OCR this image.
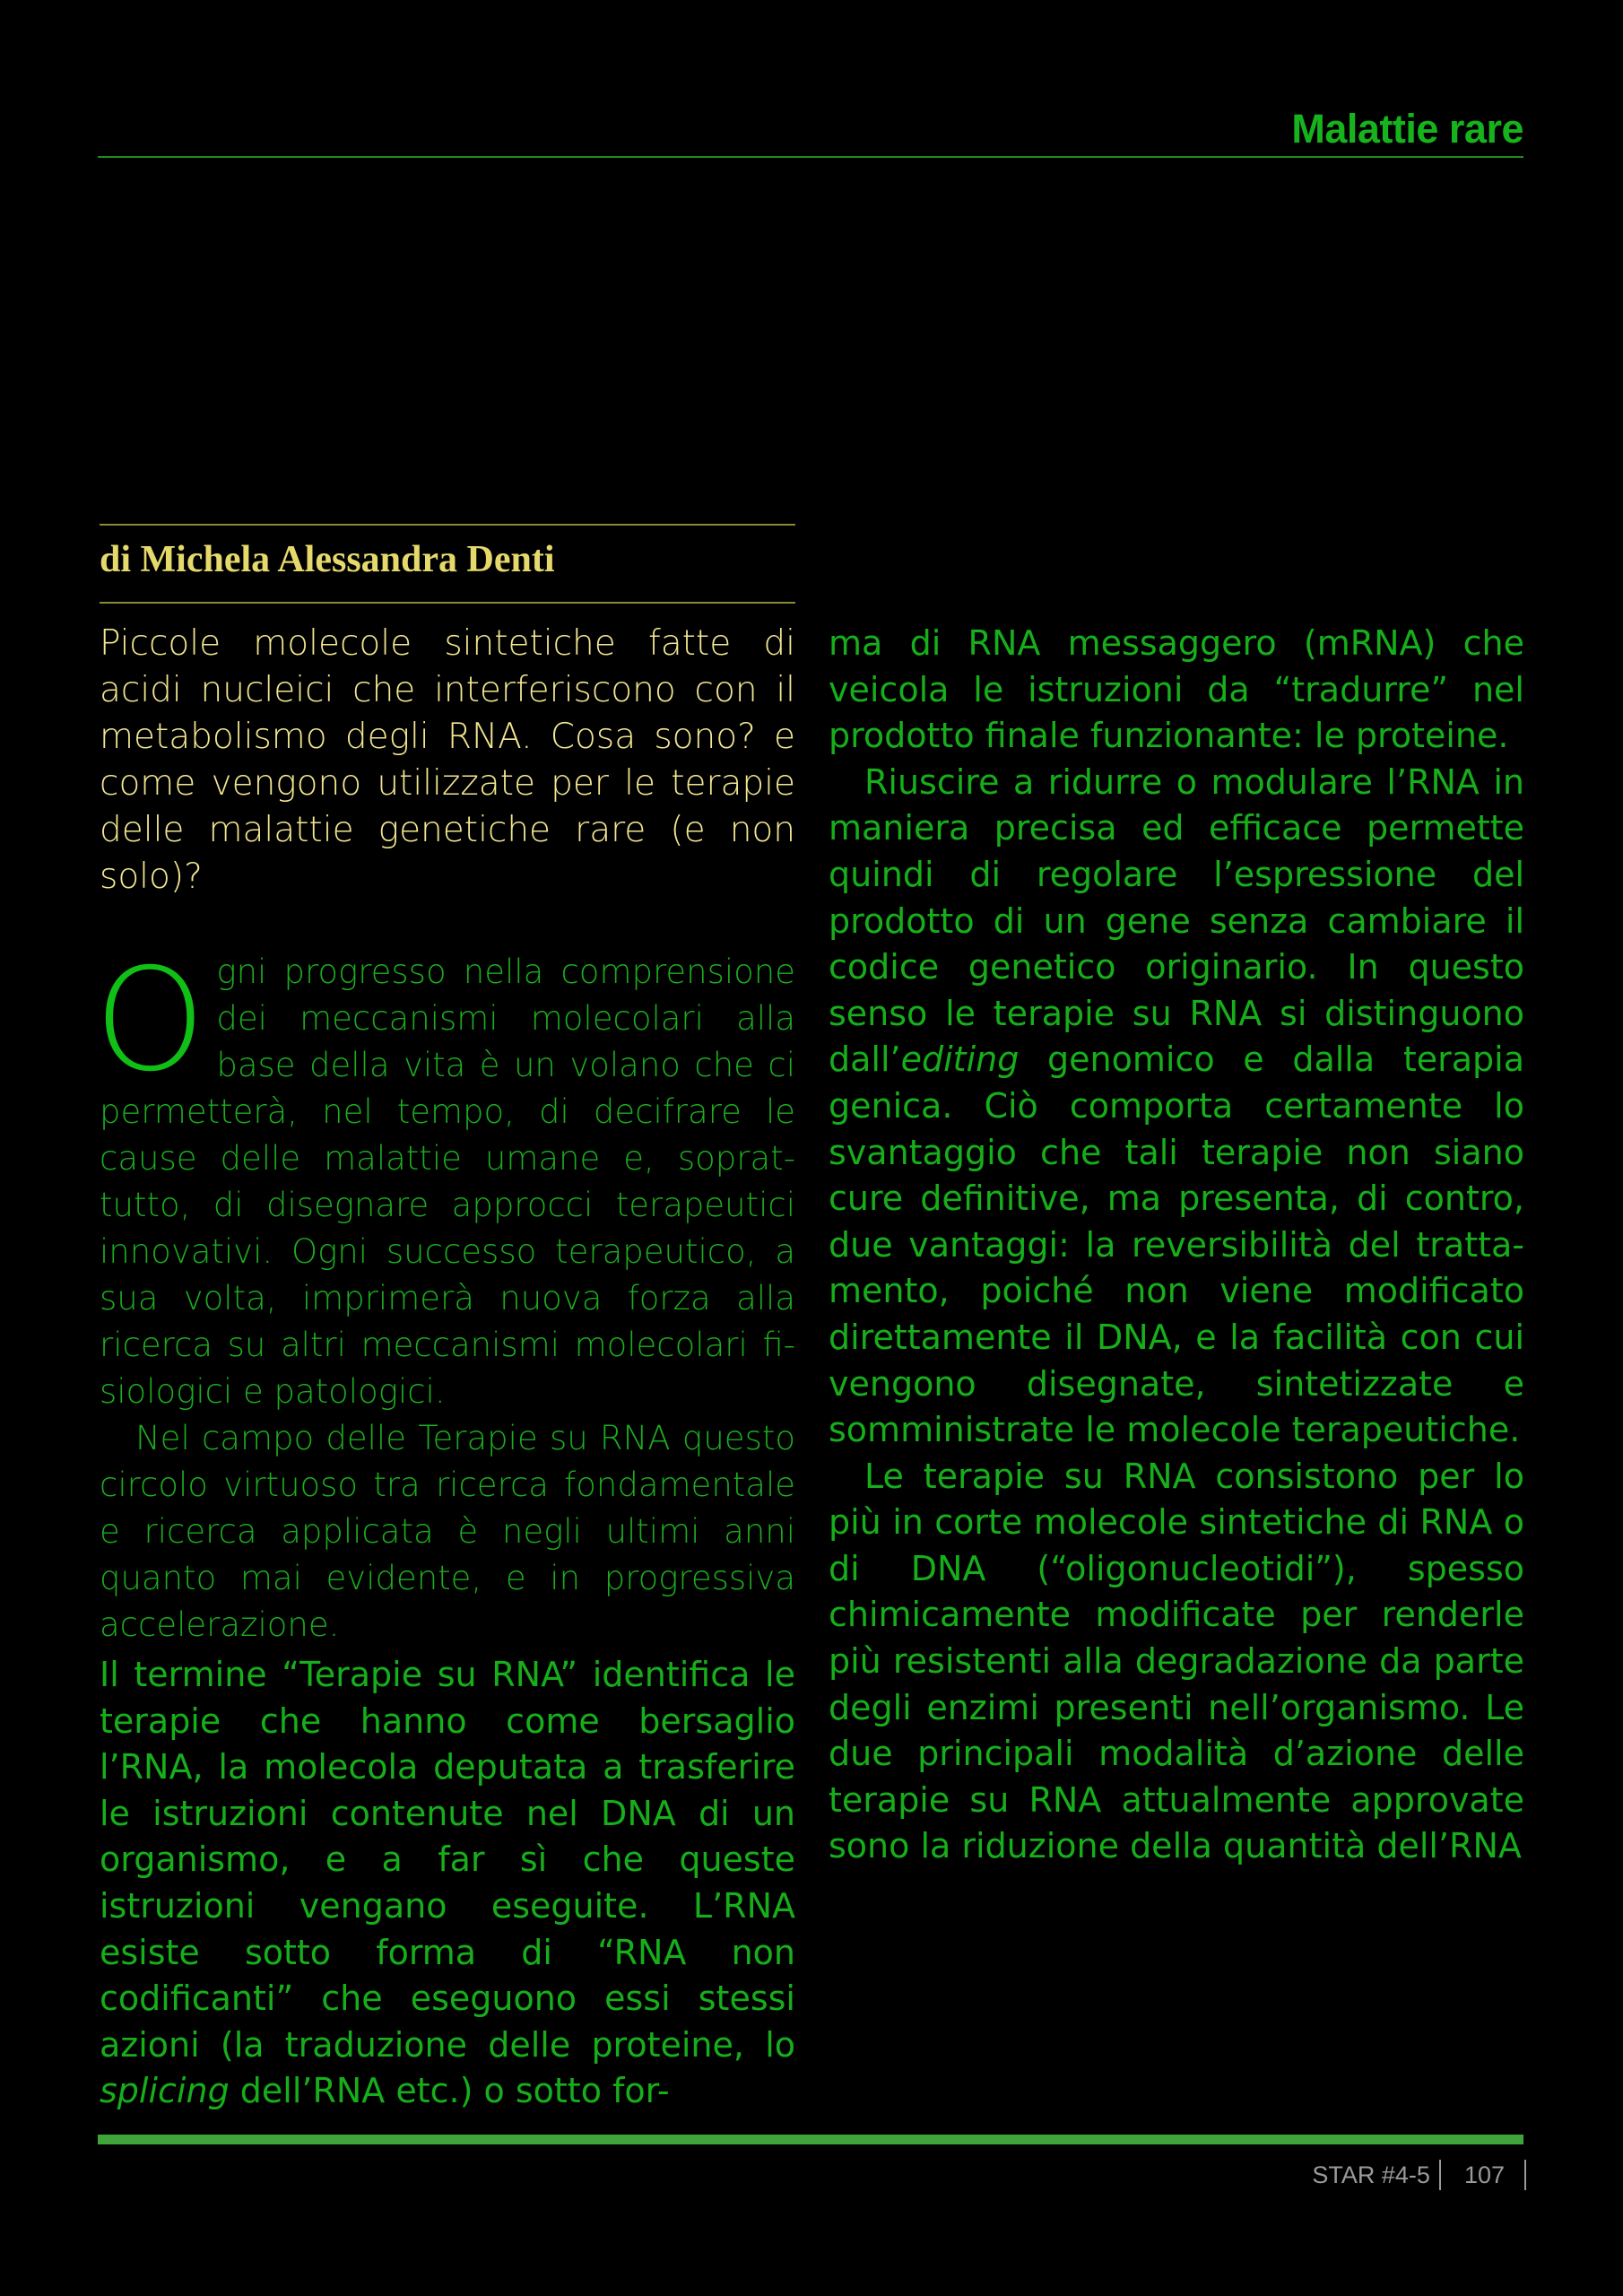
Malattie rare
di Michela Alessandra Denti

Piccole molecole sintetiche fatte di acidi nucleici che interferiscono con il metabolismo degli RNA. Cosa sono? e come vengono utilizzate per le terapie delle malattie genetiche rare (e non solo)?

Ogni progresso nella comprensione dei meccanismi molecolari alla base della vita è un volano che ci permetterà, nel tempo, di decifrare le cause delle malattie umane e, soprattutto, di disegnare approcci terapeutici innovativi. Ogni successo terapeutico, a sua volta, imprimerà nuova forza alla ricerca su altri meccanismi molecolari fisiologici e patologici.

Nel campo delle Terapie su RNA questo circolo virtuoso tra ricerca fondamentale e ricerca applicata è negli ultimi anni quanto mai evidente, e in progressiva accelerazione.

Il termine “Terapie su RNA” identifica le terapie che hanno come bersaglio l’RNA, la molecola deputata a trasferire le istruzioni contenute nel DNA di un organismo, e a far sì che queste istruzioni vengano eseguite. L’RNA esiste sotto forma di “RNA non codificanti” che eseguono essi stessi azioni (la traduzione delle proteine, lo splicing dell’RNA etc.) o sotto for-

ma di RNA messaggero (mRNA) che veicola le istruzioni da “tradurre” nel prodotto finale funzionante: le proteine.

Riuscire a ridurre o modulare l’RNA in maniera precisa ed efficace permette quindi di regolare l’espressione del prodotto di un gene senza cambiare il codice genetico originario. In questo senso le terapie su RNA si distinguono dall’editing genomico e dalla terapia genica. Ciò comporta certamente lo svantaggio che tali terapie non siano cure definitive, ma presenta, di contro, due vantaggi: la reversibilità del trattamento, poiché non viene modificato direttamente il DNA, e la facilità con cui vengono disegnate, sintetizzate e somministrate le molecole terapeutiche.

Le terapie su RNA consistono per lo più in corte molecole sintetiche di RNA o di DNA (“oligonucleotidi”), spesso chimicamente modificate per renderle più resistenti alla degradazione da parte degli enzimi presenti nell’organismo. Le due principali modalità d’azione delle terapie su RNA attualmente approvate sono la riduzione della quantità dell’RNA

STAR #4-5 107
